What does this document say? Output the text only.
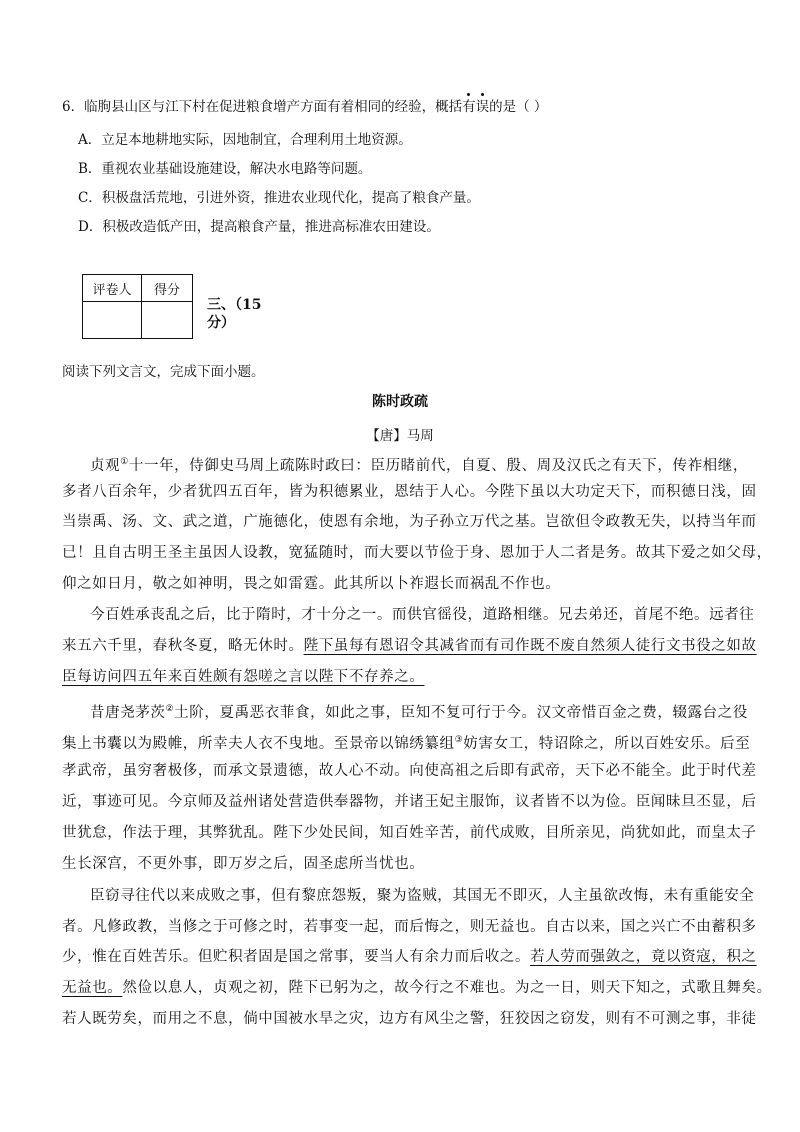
6．临朐县山区与江下村在促进粮食增产方面有着相同的经验，概括有误的是（ ）
A．立足本地耕地实际，因地制宜，合理利用土地资源。
B．重视农业基础设施建设，解决水电路等问题。
C．积极盘活荒地，引进外资，推进农业现代化，提高了粮食产量。
D．积极改造低产田，提高粮食产量，推进高标准农田建设。
评卷人	得分

三、（15
分）
阅读下列文言文，完成下面小题。
陈时政疏
【唐】马周
贞观①十一年，侍御史马周上疏陈时政曰：臣历睹前代，自夏、殷、周及汉氏之有天下，传祚相继，
多者八百余年，少者犹四五百年，皆为积德累业，恩结于人心。今陛下虽以大功定天下，而积德日浅，固
当崇禹、汤、文、武之道，广施德化，使恩有余地，为子孙立万代之基。岂欲但令政教无失，以持当年而
已！且自古明王圣主虽因人设教，宽猛随时，而大要以节俭于身、恩加于人二者是务。故其下爱之如父母，
仰之如日月，敬之如神明，畏之如雷霆。此其所以卜祚遐长而祸乱不作也。
今百姓承丧乱之后，比于隋时，才十分之一。而供官徭役，道路相继。兄去弟还，首尾不绝。远者往
来五六千里，春秋冬夏，略无休时。陛下虽每有恩诏令其减省而有司作既不废自然须人徒行文书役之如故
臣每访问四五年来百姓颇有怨嗟之言以陛下不存养之。
昔唐尧茅茨②土阶，夏禹恶衣菲食，如此之事，臣知不复可行于今。汉文帝惜百金之费，辍露台之役
集上书囊以为殿帷，所幸夫人衣不曳地。至景帝以锦绣纂组③妨害女工，特诏除之，所以百姓安乐。后至
孝武帝，虽穷奢极侈，而承文景遗德，故人心不动。向使高祖之后即有武帝，天下必不能全。此于时代差
近，事迹可见。今京师及益州诸处营造供奉器物，并诸王妃主服饰，议者皆不以为俭。臣闻昧旦丕显，后
世犹怠，作法于理，其弊犹乱。陛下少处民间，知百姓辛苦，前代成败，目所亲见，尚犹如此，而皇太子
生长深宫，不更外事，即万岁之后，固圣虑所当忧也。
臣窃寻往代以来成败之事，但有黎庶怨叛，聚为盗贼，其国无不即灭，人主虽欲改悔，未有重能安全
者。凡修政教，当修之于可修之时，若事变一起，而后悔之，则无益也。自古以来，国之兴亡不由蓄积多
少，惟在百姓苦乐。但贮积者固是国之常事，要当人有余力而后收之。若人劳而强敛之，竟以资寇，积之
无益也。然俭以息人，贞观之初，陛下已躬为之，故今行之不难也。为之一日，则天下知之，式歌且舞矣。
若人既劳矣，而用之不息，倘中国被水旱之灾，边方有风尘之警，狂狡因之窃发，则有不可测之事，非徒
